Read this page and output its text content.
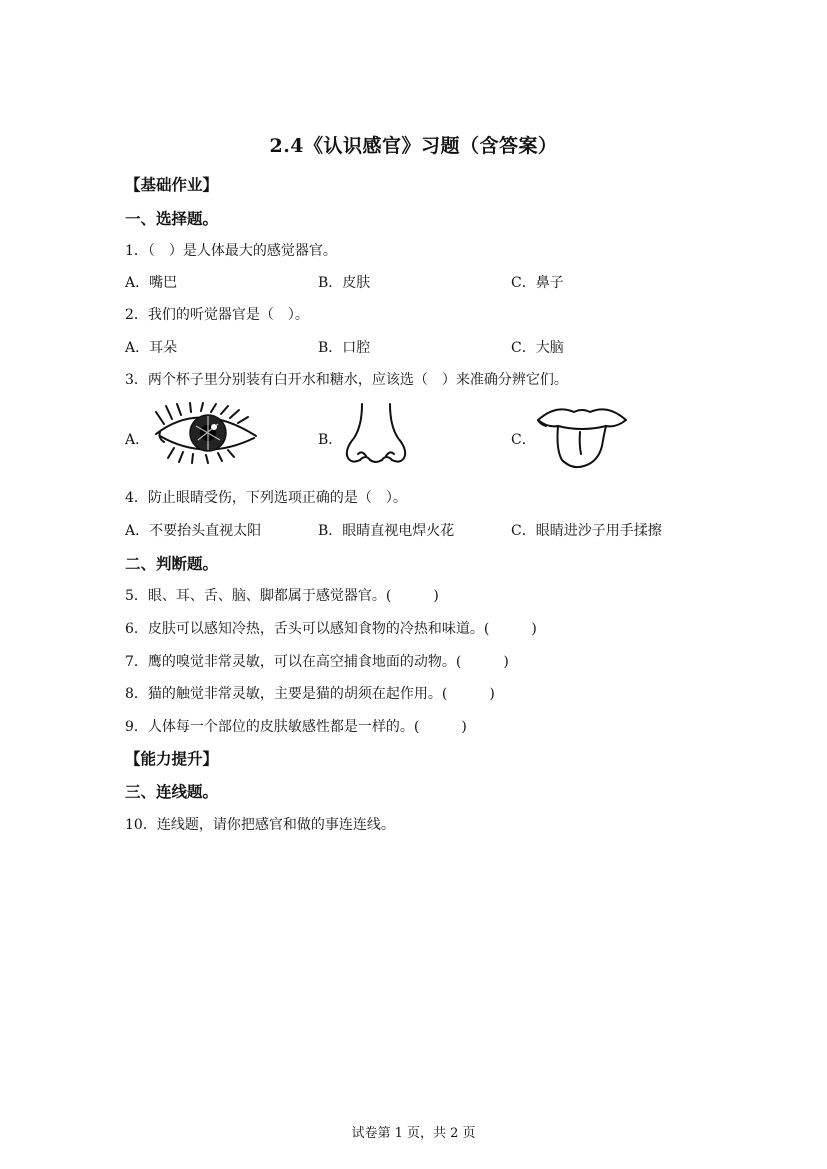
2.4《认识感官》习题（含答案）
【基础作业】
一、选择题。
1．（　）是人体最大的感觉器官。
A．嘴巴	B．皮肤	C．鼻子
2．我们的听觉器官是（　）。
A．耳朵	B．口腔	C．大脑
3．两个杯子里分别装有白开水和糖水，应该选（　）来准确分辨它们。
A．	B．	C．
4．防止眼睛受伤，下列选项正确的是（　）。
A．不要抬头直视太阳	B．眼睛直视电焊火花	C．眼睛进沙子用手揉擦
二、判断题。
5．眼、耳、舌、脑、脚都属于感觉器官。(　　　)
6．皮肤可以感知冷热，舌头可以感知食物的冷热和味道。(　　　)
7．鹰的嗅觉非常灵敏，可以在高空捕食地面的动物。(　　　)
8．猫的触觉非常灵敏，主要是猫的胡须在起作用。(　　　)
9．人体每一个部位的皮肤敏感性都是一样的。(　　　)
【能力提升】
三、连线题。
10．连线题，请你把感官和做的事连连线。
试卷第 1 页，共 2 页
